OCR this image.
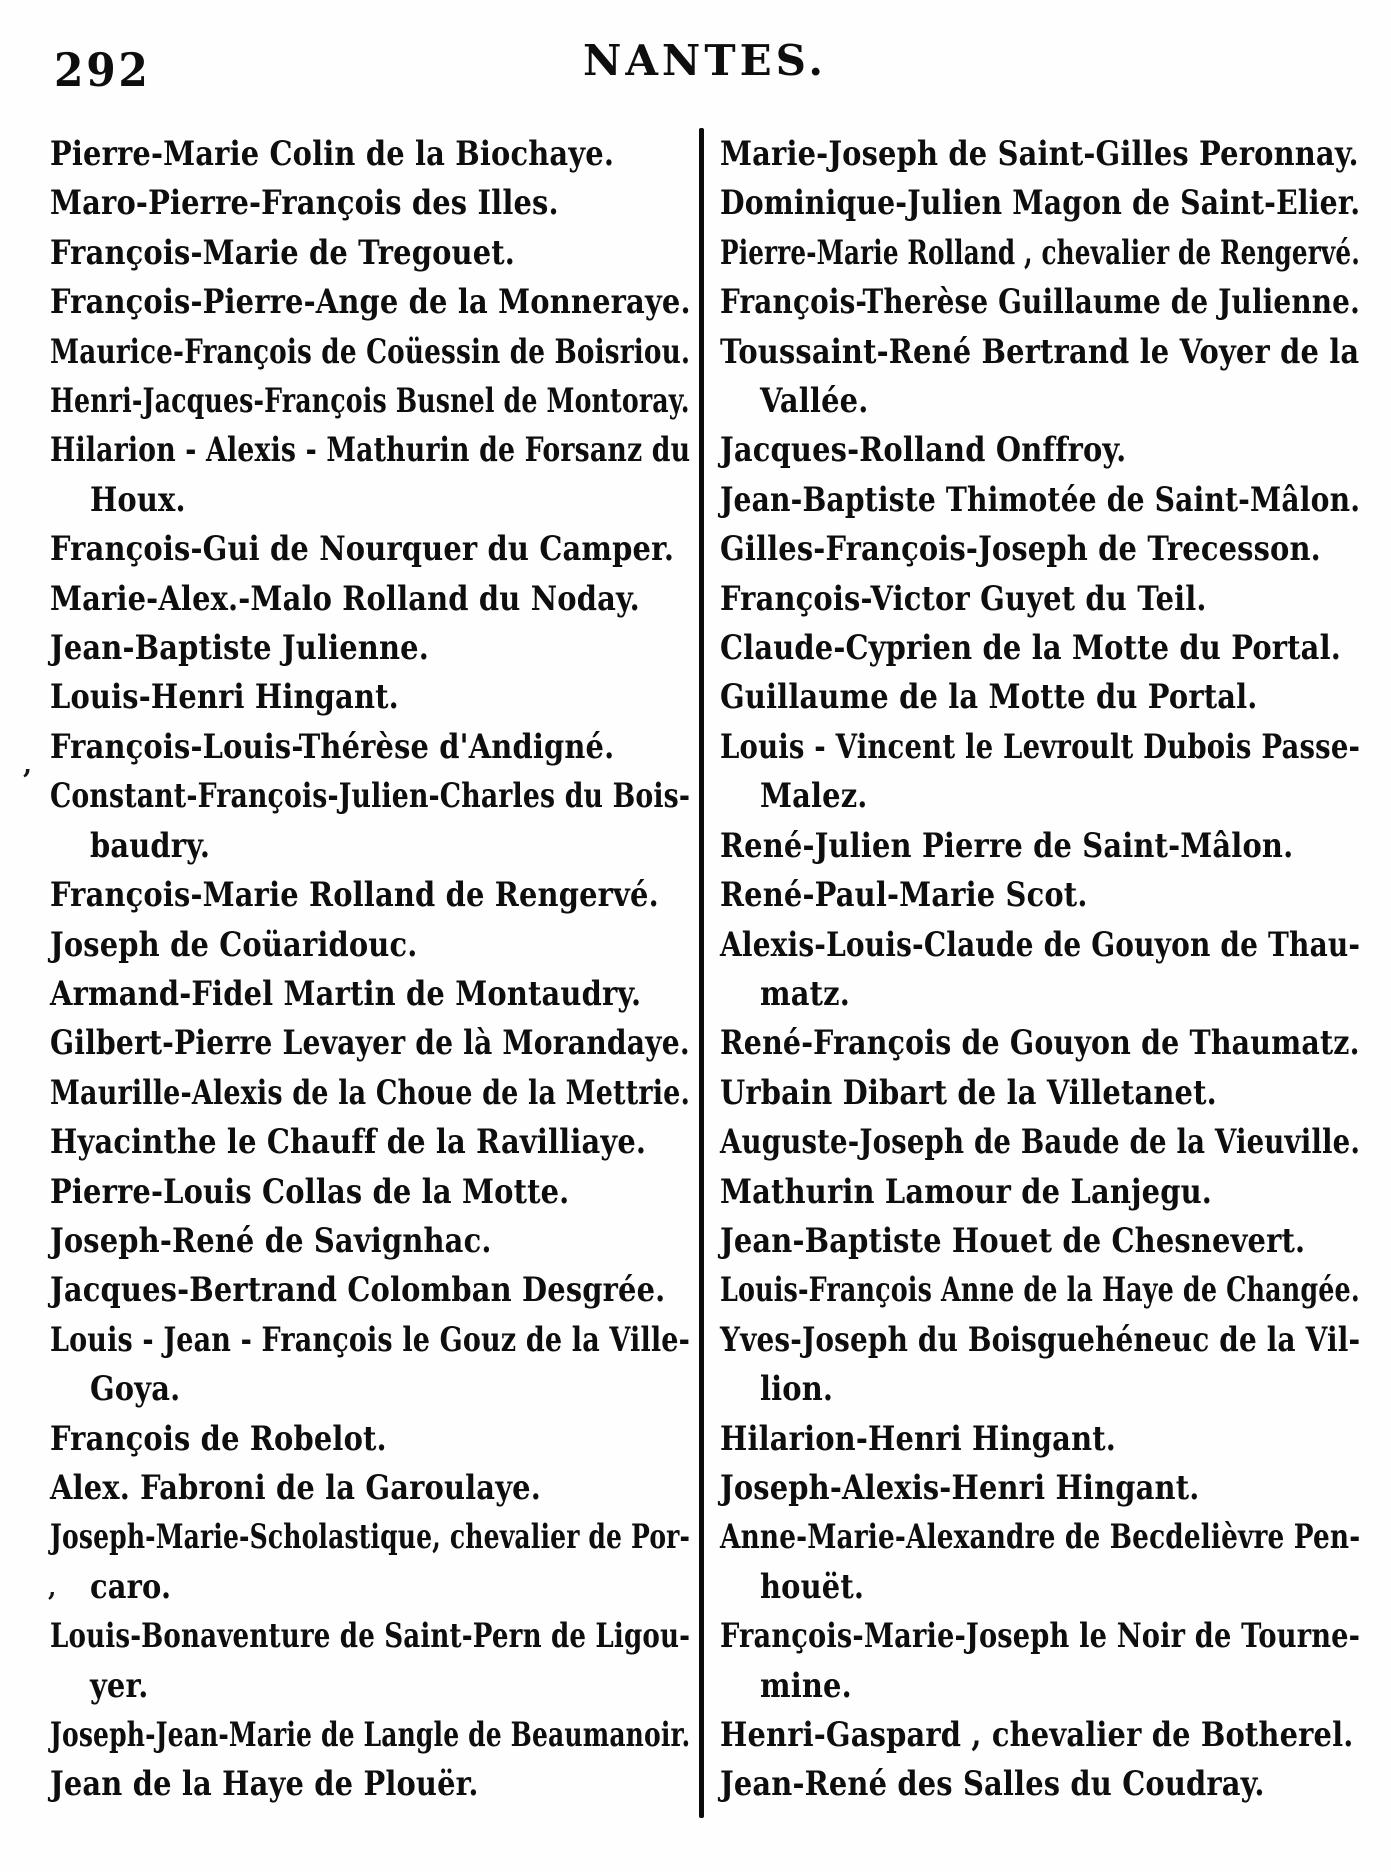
292	NANTES.
Pierre-Marie Colin de la Biochaye.
Maro-Pierre-François des Illes.
François-Marie de Tregouet.
François-Pierre-Ange de la Monneraye.
Maurice-François de Coüessin de Boisriou.
Henri-Jacques-François Busnel de Montoray.
Hilarion - Alexis - Mathurin de Forsanz du
Houx.
François-Gui de Nourquer du Camper.
Marie-Alex.-Malo Rolland du Noday.
Jean-Baptiste Julienne.
Louis-Henri Hingant.
François-Louis-Thérèse d'Andigné.
Constant-François-Julien-Charles du Bois-
baudry.
François-Marie Rolland de Rengervé.
Joseph de Coüaridouc.
Armand-Fidel Martin de Montaudry.
Gilbert-Pierre Levayer de là Morandaye.
Maurille-Alexis de la Choue de la Mettrie.
Hyacinthe le Chauff de la Ravilliaye.
Pierre-Louis Collas de la Motte.
Joseph-René de Savignhac.
Jacques-Bertrand Colomban Desgrée.
Louis - Jean - François le Gouz de la Ville-
Goya.
François de Robelot.
Alex. Fabroni de la Garoulaye.
Joseph-Marie-Scholastique, chevalier de Por-
caro.
Louis-Bonaventure de Saint-Pern de Ligou-
yer.
Joseph-Jean-Marie de Langle de Beaumanoir.
Jean de la Haye de Plouër.
Marie-Joseph de Saint-Gilles Peronnay.
Dominique-Julien Magon de Saint-Elier.
Pierre-Marie Rolland , chevalier de Rengervé.
François-Therèse Guillaume de Julienne.
Toussaint-René Bertrand le Voyer de la
Vallée.
Jacques-Rolland Onffroy.
Jean-Baptiste Thimotée de Saint-Mâlon.
Gilles-François-Joseph de Trecesson.
François-Victor Guyet du Teil.
Claude-Cyprien de la Motte du Portal.
Guillaume de la Motte du Portal.
Louis - Vincent le Levroult Dubois Passe-
Malez.
René-Julien Pierre de Saint-Mâlon.
René-Paul-Marie Scot.
Alexis-Louis-Claude de Gouyon de Thau-
matz.
René-François de Gouyon de Thaumatz.
Urbain Dibart de la Villetanet.
Auguste-Joseph de Baude de la Vieuville.
Mathurin Lamour de Lanjegu.
Jean-Baptiste Houet de Chesnevert.
Louis-François Anne de la Haye de Changée.
Yves-Joseph du Boisguehéneuc de la Vil-
lion.
Hilarion-Henri Hingant.
Joseph-Alexis-Henri Hingant.
Anne-Marie-Alexandre de Becdelièvre Pen-
houët.
François-Marie-Joseph le Noir de Tourne-
mine.
Henri-Gaspard , chevalier de Botherel.
Jean-René des Salles du Coudray.
,
,
